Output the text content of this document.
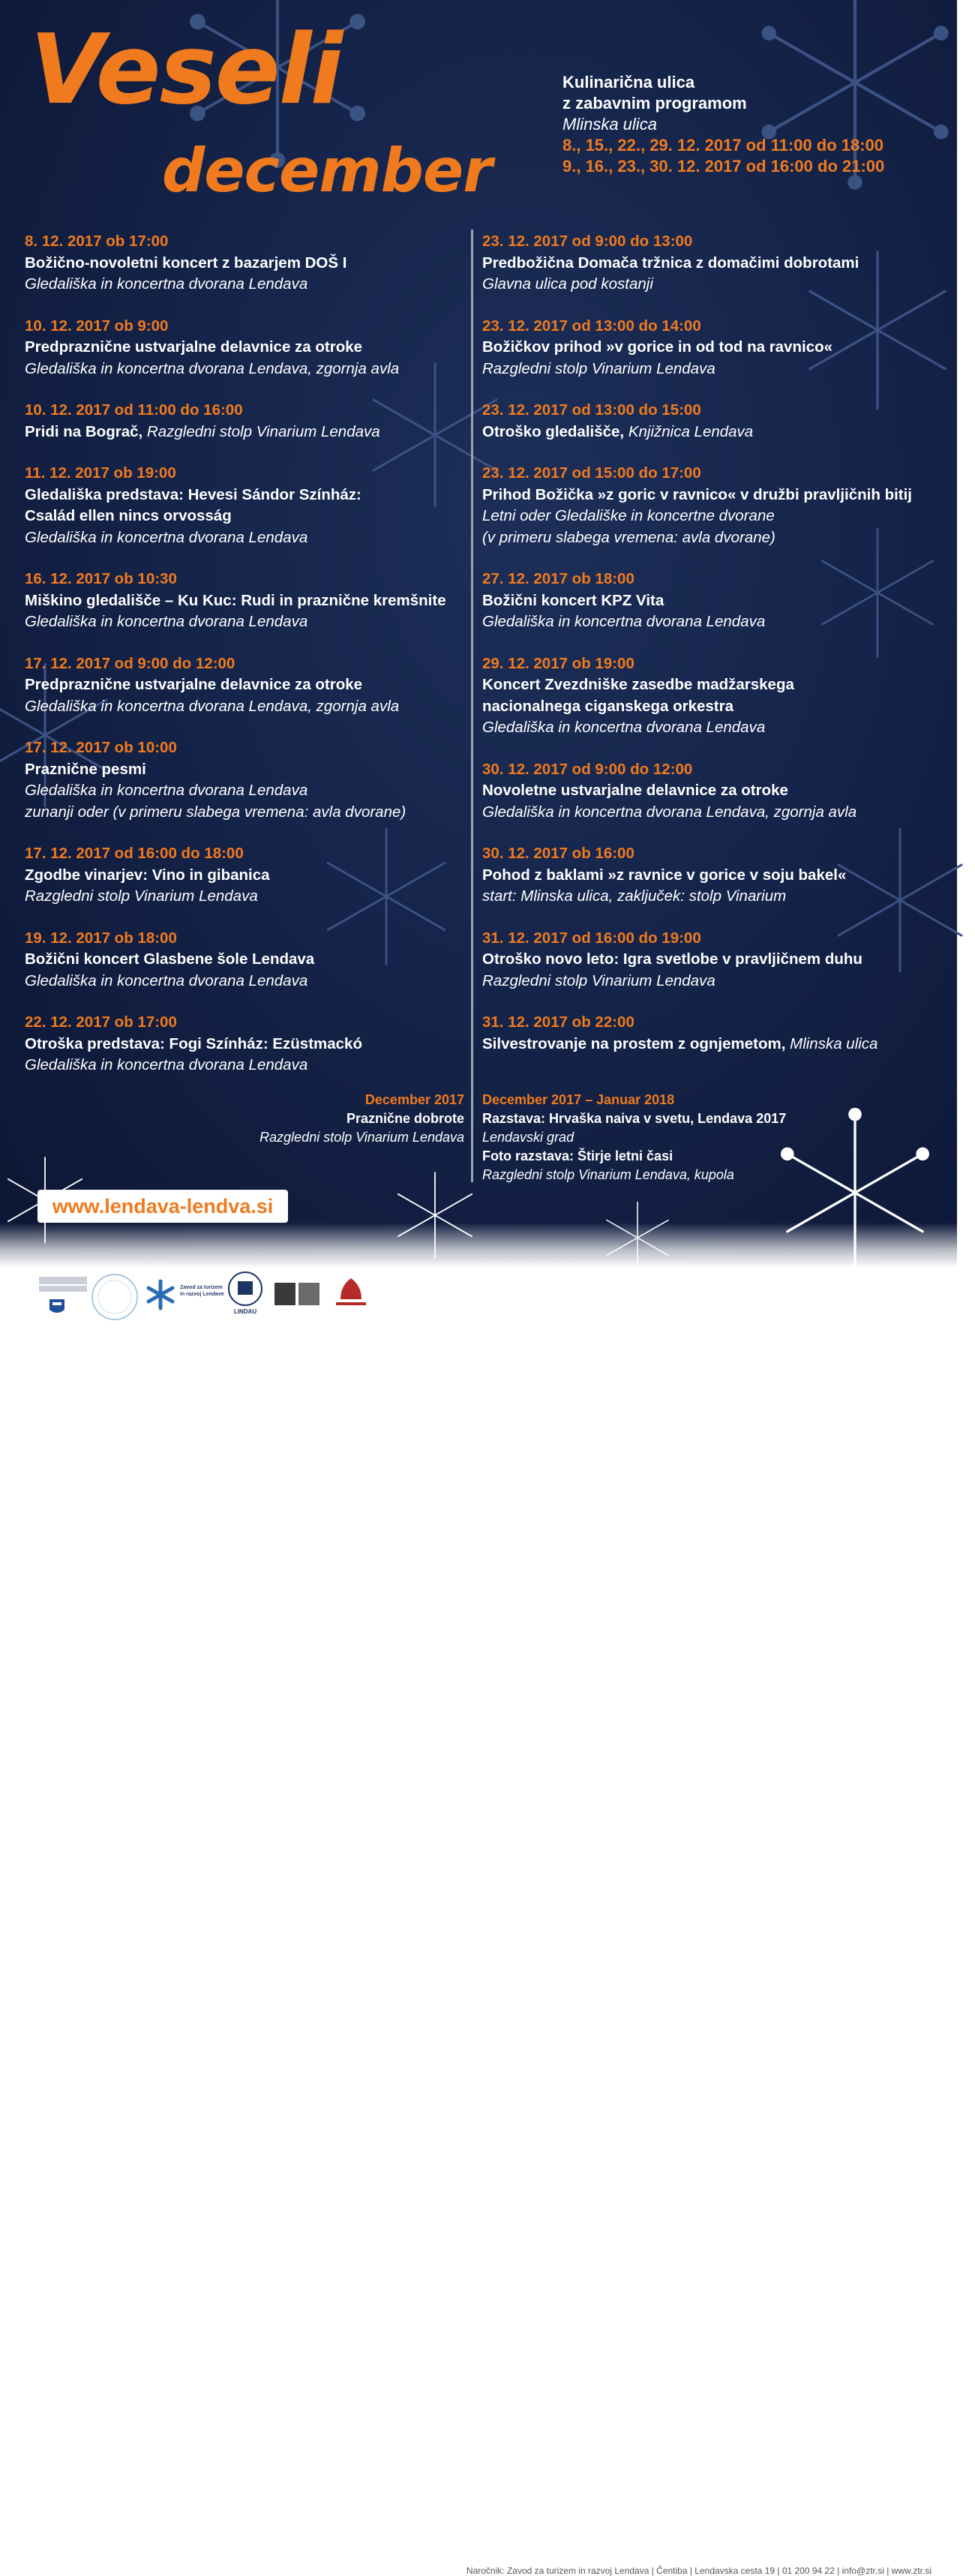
Veseli
december
Kulinarična ulica
z zabavnim programom
Mlinska ulica
8., 15., 22., 29. 12. 2017 od 11:00 do 18:00
9., 16., 23., 30. 12. 2017 od 16:00 do 21:00
8. 12. 2017 ob 17:00
Božično-novoletni koncert z bazarjem DOŠ I
Gledališka in koncertna dvorana Lendava
10. 12. 2017 ob 9:00
Predpraznične ustvarjalne delavnice za otroke
Gledališka in koncertna dvorana Lendava, zgornja avla
10. 12. 2017 od 11:00 do 16:00
Pridi na Bograč, Razgledni stolp Vinarium Lendava
11. 12. 2017 ob 19:00
Gledališka predstava: Hevesi Sándor Színház:
Család ellen nincs orvosság
Gledališka in koncertna dvorana Lendava
16. 12. 2017 ob 10:30
Miškino gledališče – Ku Kuc: Rudi in praznične kremšnite
Gledališka in koncertna dvorana Lendava
17. 12. 2017 od 9:00 do 12:00
Predpraznične ustvarjalne delavnice za otroke
Gledališka in koncertna dvorana Lendava, zgornja avla
17. 12. 2017 ob 10:00
Praznične pesmi
Gledališka in koncertna dvorana Lendava
zunanji oder (v primeru slabega vremena: avla dvorane)
17. 12. 2017 od 16:00 do 18:00
Zgodbe vinarjev: Vino in gibanica
Razgledni stolp Vinarium Lendava
19. 12. 2017 ob 18:00
Božični koncert Glasbene šole Lendava
Gledališka in koncertna dvorana Lendava
22. 12. 2017 ob 17:00
Otroška predstava: Fogi Színház: Ezüstmackó
Gledališka in koncertna dvorana Lendava
23. 12. 2017 od 9:00 do 13:00
Predbožična Domača tržnica z domačimi dobrotami
Glavna ulica pod kostanji
23. 12. 2017 od 13:00 do 14:00
Božičkov prihod »v gorice in od tod na ravnico«
Razgledni stolp Vinarium Lendava
23. 12. 2017 od 13:00 do 15:00
Otroško gledališče, Knjižnica Lendava
23. 12. 2017 od 15:00 do 17:00
Prihod Božička »z goric v ravnico« v družbi pravljičnih bitij
Letni oder Gledališke in koncertne dvorane
(v primeru slabega vremena: avla dvorane)
27. 12. 2017 ob 18:00
Božični koncert KPZ Vita
Gledališka in koncertna dvorana Lendava
29. 12. 2017 ob 19:00
Koncert Zvezdniške zasedbe madžarskega
nacionalnega ciganskega orkestra
Gledališka in koncertna dvorana Lendava
30. 12. 2017 od 9:00 do 12:00
Novoletne ustvarjalne delavnice za otroke
Gledališka in koncertna dvorana Lendava, zgornja avla
30. 12. 2017 ob 16:00
Pohod z baklami »z ravnice v gorice v soju bakel«
start: Mlinska ulica, zaključek: stolp Vinarium
31. 12. 2017 od 16:00 do 19:00
Otroško novo leto: Igra svetlobe v pravljičnem duhu
Razgledni stolp Vinarium Lendava
31. 12. 2017 ob 22:00
Silvestrovanje na prostem z ognjemetom, Mlinska ulica
December 2017
Praznične dobrote
Razgledni stolp Vinarium Lendava
December 2017 – Januar 2018
Razstava: Hrvaška naiva v svetu, Lendava 2017
Lendavski grad
Foto razstava: Štirje letni časi
Razgledni stolp Vinarium Lendava, kupola
www.lendava-lendva.si
Zavod za turizem in razvoj Lendave
LINDAU
Naročnik: Zavod za turizem in razvoj Lendava | Čentiba | Lendavska cesta 19 | 01 200 94 22 | info@ztr.si | www.ztr.si
